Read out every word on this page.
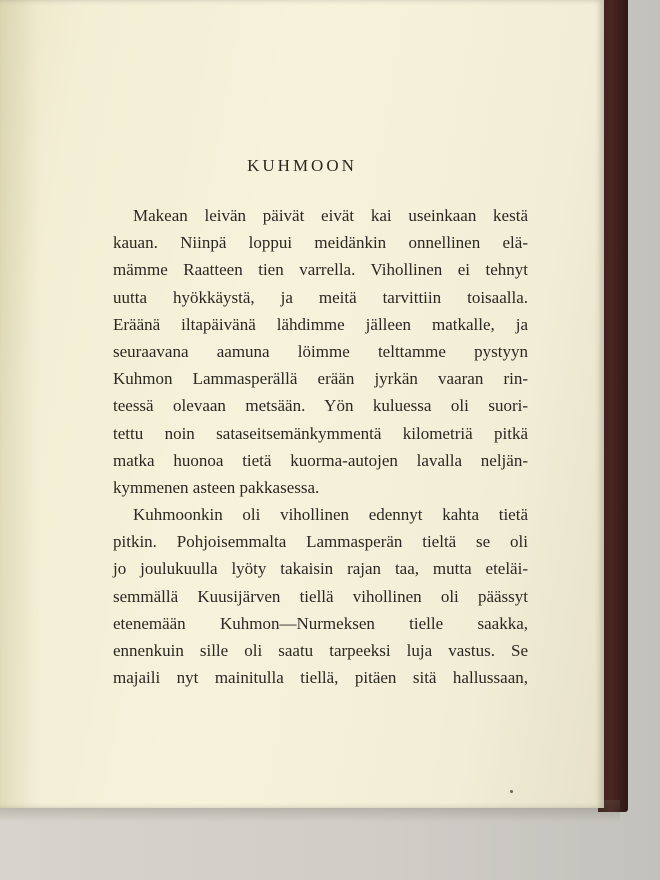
KUHMOON
Makean leivän päivät eivät kai useinkaan kestä
kauan. Niinpä loppui meidänkin onnellinen elä-
mämme Raatteen tien varrella. Vihollinen ei tehnyt
uutta hyökkäystä, ja meitä tarvittiin toisaalla.
Eräänä iltapäivänä lähdimme jälleen matkalle, ja
seuraavana aamuna löimme telttamme pystyyn
Kuhmon Lammasperällä erään jyrkän vaaran rin-
teessä olevaan metsään. Yön kuluessa oli suori-
tettu noin sataseitsemänkymmentä kilometriä pitkä
matka huonoa tietä kuorma-autojen lavalla neljän-
kymmenen asteen pakkasessa.
Kuhmoonkin oli vihollinen edennyt kahta tietä
pitkin. Pohjoisemmalta Lammasperän tieltä se oli
jo joulukuulla lyöty takaisin rajan taa, mutta eteläi-
semmällä Kuusijärven tiellä vihollinen oli päässyt
etenemään Kuhmon—Nurmeksen tielle saakka,
ennenkuin sille oli saatu tarpeeksi luja vastus. Se
majaili nyt mainitulla tiellä, pitäen sitä hallussaan,
